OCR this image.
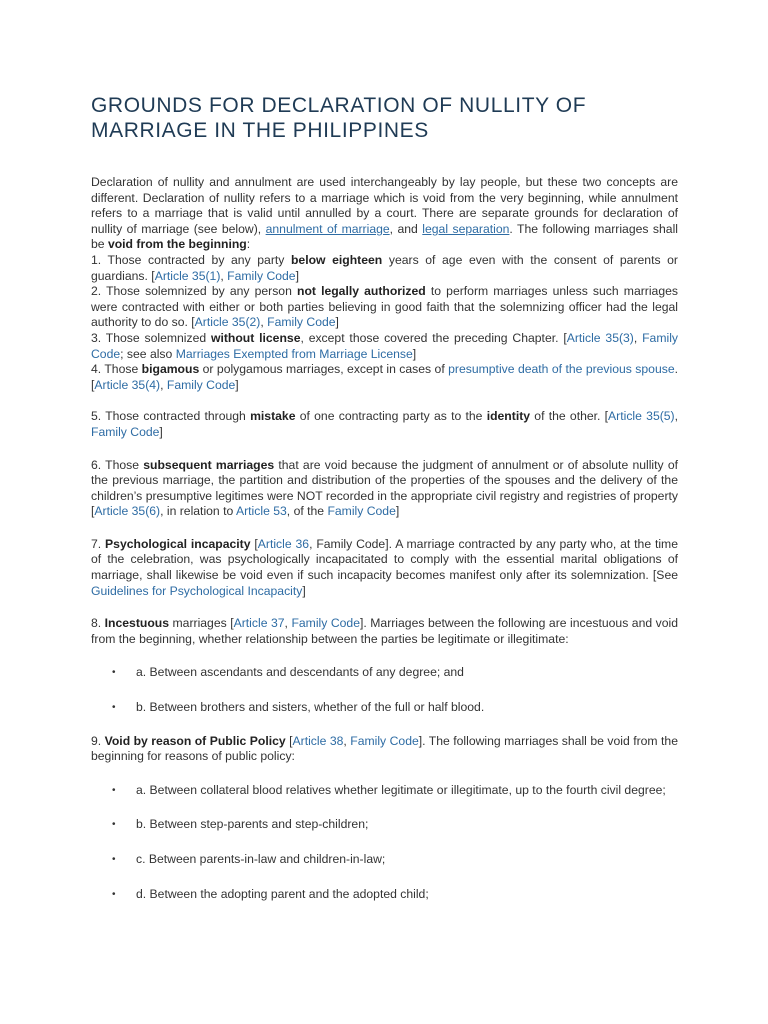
GROUNDS FOR DECLARATION OF NULLITY OF MARRIAGE IN THE PHILIPPINES

Declaration of nullity and annulment are used interchangeably by lay people, but these two concepts are different. Declaration of nullity refers to a marriage which is void from the very beginning, while annulment refers to a marriage that is valid until annulled by a court. There are separate grounds for declaration of nullity of marriage (see below), annulment of marriage, and legal separation. The following marriages shall be void from the beginning:

1. Those contracted by any party below eighteen years of age even with the consent of parents or guardians. [Article 35(1), Family Code]

2. Those solemnized by any person not legally authorized to perform marriages unless such marriages were contracted with either or both parties believing in good faith that the solemnizing officer had the legal authority to do so. [Article 35(2), Family Code]

3. Those solemnized without license, except those covered the preceding Chapter. [Article 35(3), Family Code; see also Marriages Exempted from Marriage License]

4. Those bigamous or polygamous marriages, except in cases of presumptive death of the previous spouse. [Article 35(4), Family Code]

5. Those contracted through mistake of one contracting party as to the identity of the other. [Article 35(5), Family Code]

6. Those subsequent marriages that are void because the judgment of annulment or of absolute nullity of the previous marriage, the partition and distribution of the properties of the spouses and the delivery of the children’s presumptive legitimes were NOT recorded in the appropriate civil registry and registries of property [Article 35(6), in relation to Article 53, of the Family Code]

7. Psychological incapacity [Article 36, Family Code]. A marriage contracted by any party who, at the time of the celebration, was psychologically incapacitated to comply with the essential marital obligations of marriage, shall likewise be void even if such incapacity becomes manifest only after its solemnization. [See Guidelines for Psychological Incapacity]

8. Incestuous marriages [Article 37, Family Code]. Marriages between the following are incestuous and void from the beginning, whether relationship between the parties be legitimate or illegitimate:

• a. Between ascendants and descendants of any degree; and
• b. Between brothers and sisters, whether of the full or half blood.

9. Void by reason of Public Policy [Article 38, Family Code]. The following marriages shall be void from the beginning for reasons of public policy:

• a. Between collateral blood relatives whether legitimate or illegitimate, up to the fourth civil degree;
• b. Between step-parents and step-children;
• c. Between parents-in-law and children-in-law;
• d. Between the adopting parent and the adopted child;
